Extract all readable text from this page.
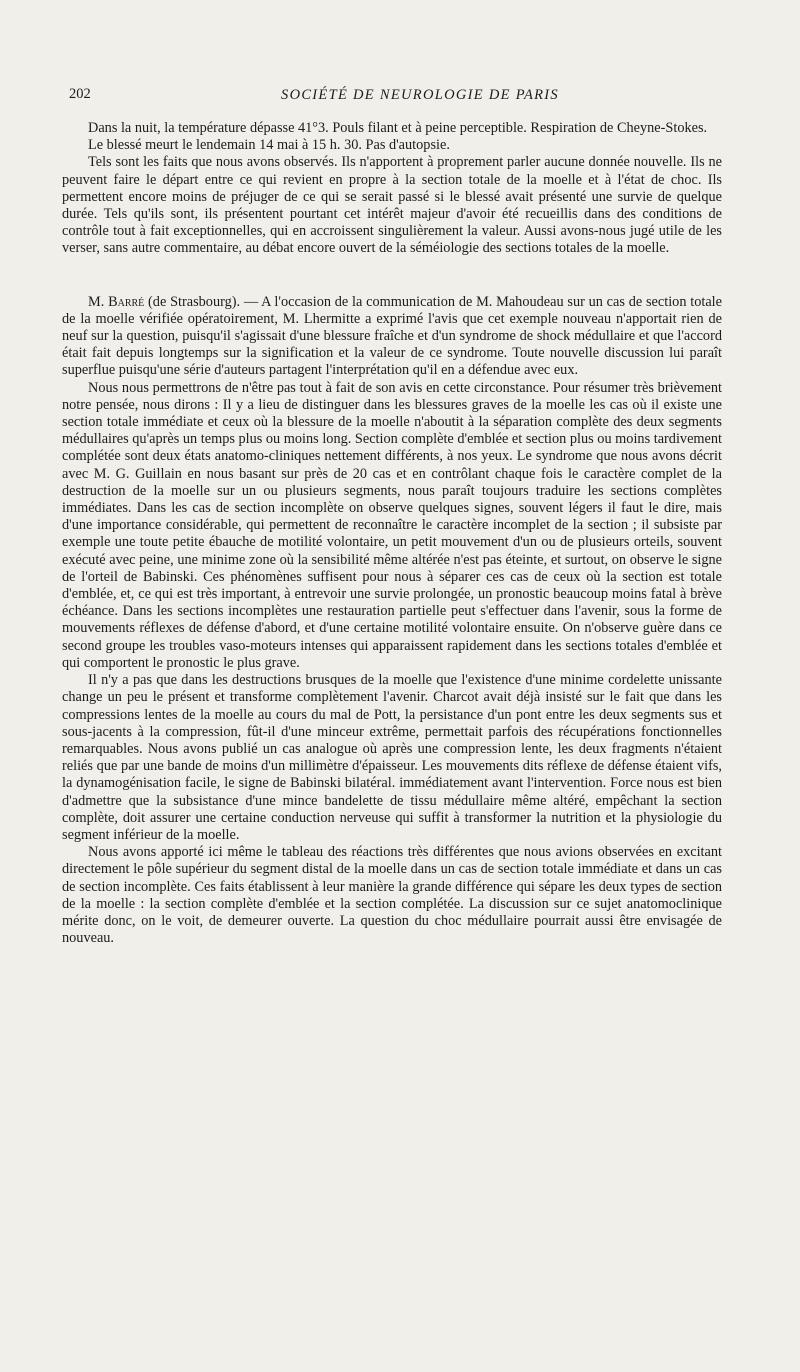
202	SOCIÉTÉ DE NEUROLOGIE DE PARIS

Dans la nuit, la température dépasse 41°3. Pouls filant et à peine perceptible. Respiration de Cheyne-Stokes.

Le blessé meurt le lendemain 14 mai à 15 h. 30. Pas d'autopsie.

Tels sont les faits que nous avons observés. Ils n'apportent à proprement parler aucune donnée nouvelle. Ils ne peuvent faire le départ entre ce qui revient en propre à la section totale de la moelle et à l'état de choc. Ils permettent encore moins de préjuger de ce qui se serait passé si le blessé avait présenté une survie de quelque durée. Tels qu'ils sont, ils présentent pourtant cet intérêt majeur d'avoir été recueillis dans des conditions de contrôle tout à fait exceptionnelles, qui en accroissent singulièrement la valeur. Aussi avons-nous jugé utile de les verser, sans autre commentaire, au débat encore ouvert de la séméiologie des sections totales de la moelle.

M. Barré (de Strasbourg). — A l'occasion de la communication de M. Mahoudeau sur un cas de section totale de la moelle vérifiée opératoirement, M. Lhermitte a exprimé l'avis que cet exemple nouveau n'apportait rien de neuf sur la question, puisqu'il s'agissait d'une blessure fraîche et d'un syndrome de shock médullaire et que l'accord était fait depuis longtemps sur la signification et la valeur de ce syndrome. Toute nouvelle discussion lui paraît superflue puisqu'une série d'auteurs partagent l'interprétation qu'il en a défendue avec eux.

Nous nous permettrons de n'être pas tout à fait de son avis en cette circonstance. Pour résumer très brièvement notre pensée, nous dirons : Il y a lieu de distinguer dans les blessures graves de la moelle les cas où il existe une section totale immédiate et ceux où la blessure de la moelle n'aboutit à la séparation complète des deux segments médullaires qu'après un temps plus ou moins long. Section complète d'emblée et section plus ou moins tardivement complétée sont deux états anatomo-cliniques nettement différents, à nos yeux. Le syndrome que nous avons décrit avec M. G. Guillain en nous basant sur près de 20 cas et en contrôlant chaque fois le caractère complet de la destruction de la moelle sur un ou plusieurs segments, nous paraît toujours traduire les sections complètes immédiates. Dans les cas de section incomplète on observe quelques signes, souvent légers il faut le dire, mais d'une importance considérable, qui permettent de reconnaître le caractère incomplet de la section ; il subsiste par exemple une toute petite ébauche de motilité volontaire, un petit mouvement d'un ou de plusieurs orteils, souvent exécuté avec peine, une minime zone où la sensibilité même altérée n'est pas éteinte, et surtout, on observe le signe de l'orteil de Babinski. Ces phénomènes suffisent pour nous à séparer ces cas de ceux où la section est totale d'emblée, et, ce qui est très important, à entrevoir une survie prolongée, un pronostic beaucoup moins fatal à brève échéance. Dans les sections incomplètes une restauration partielle peut s'effectuer dans l'avenir, sous la forme de mouvements réflexes de défense d'abord, et d'une certaine motilité volontaire ensuite. On n'observe guère dans ce second groupe les troubles vaso-moteurs intenses qui apparaissent rapidement dans les sections totales d'emblée et qui comportent le pronostic le plus grave.

Il n'y a pas que dans les destructions brusques de la moelle que l'existence d'une minime cordelette unissante change un peu le présent et transforme complètement l'avenir. Charcot avait déjà insisté sur le fait que dans les compressions lentes de la moelle au cours du mal de Pott, la persistance d'un pont entre les deux segments sus et sous-jacents à la compression, fût-il d'une minceur extrême, permettait parfois des récupérations fonctionnelles remarquables. Nous avons publié un cas analogue où après une compression lente, les deux fragments n'étaient reliés que par une bande de moins d'un millimètre d'épaisseur. Les mouvements dits réflexe de défense étaient vifs, la dynamogénisation facile, le signe de Babinski bilatéral. immédiatement avant l'intervention. Force nous est bien d'admettre que la subsistance d'une mince bandelette de tissu médullaire même altéré, empêchant la section complète, doit assurer une certaine conduction nerveuse qui suffit à transformer la nutrition et la physiologie du segment inférieur de la moelle.

Nous avons apporté ici même le tableau des réactions très différentes que nous avions observées en excitant directement le pôle supérieur du segment distal de la moelle dans un cas de section totale immédiate et dans un cas de section incomplète. Ces faits établissent à leur manière la grande différence qui sépare les deux types de section de la moelle : la section complète d'emblée et la section complétée. La discussion sur ce sujet anatomoclinique mérite donc, on le voit, de demeurer ouverte. La question du choc médullaire pourrait aussi être envisagée de nouveau.
